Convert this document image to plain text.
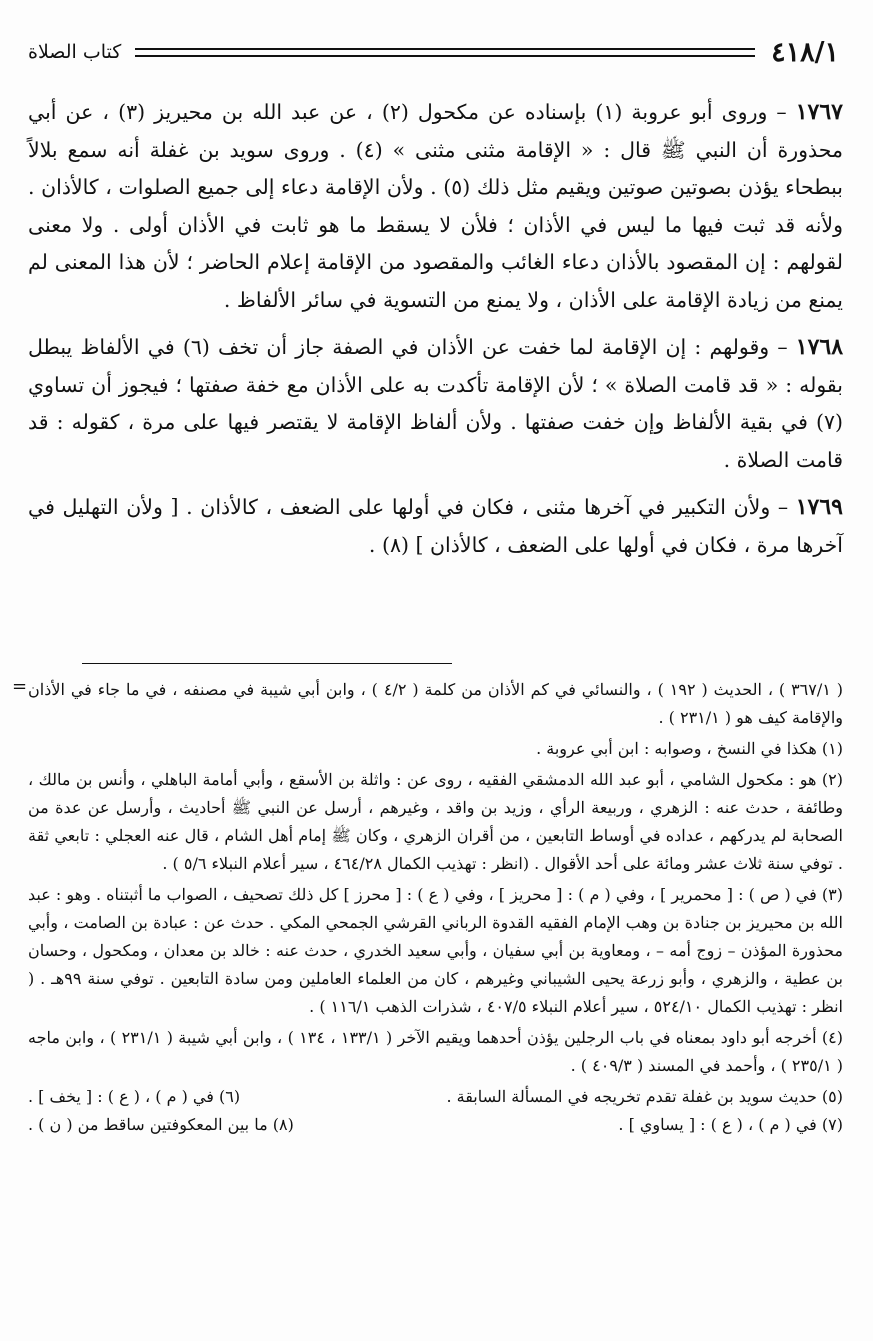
٤١٨/١
كتاب الصلاة

١٧٦٧ – وروى أبو عروبة (١) بإسناده عن مكحول (٢) ، عن عبد الله بن محيريز (٣) ، عن أبي محذورة أن النبي ﷺ قال : « الإقامة مثنى مثنى » (٤) . وروى سويد بن غفلة أنه سمع بلالاً ببطحاء يؤذن بصوتين صوتين ويقيم مثل ذلك (٥) . ولأن الإقامة دعاء إلى جميع الصلوات ، كالأذان . ولأنه قد ثبت فيها ما ليس في الأذان ؛ فلأن لا يسقط ما هو ثابت في الأذان أولى . ولا معنى لقولهم : إن المقصود بالأذان دعاء الغائب والمقصود من الإقامة إعلام الحاضر ؛ لأن هذا المعنى لم يمنع من زيادة الإقامة على الأذان ، ولا يمنع من التسوية في سائر الألفاظ .

١٧٦٨ – وقولهم : إن الإقامة لما خفت عن الأذان في الصفة جاز أن تخف (٦) في الألفاظ يبطل بقوله : « قد قامت الصلاة » ؛ لأن الإقامة تأكدت به على الأذان مع خفة صفتها ؛ فيجوز أن تساوي (٧) في بقية الألفاظ وإن خفت صفتها . ولأن ألفاظ الإقامة لا يقتصر فيها على مرة ، كقوله : قد قامت الصلاة .

١٧٦٩ – ولأن التكبير في آخرها مثنى ، فكان في أولها على الضعف ، كالأذان . [ ولأن التهليل في آخرها مرة ، فكان في أولها على الضعف ، كالأذان ] (٨) .

= ( ٣٦٧/١ ) ، الحديث ( ١٩٢ ) ، والنسائي في كم الأذان من كلمة ( ٤/٢ ) ، وابن أبي شيبة في مصنفه ، في ما جاء في الأذان والإقامة كيف هو ( ٢٣١/١ ) .

(١) هكذا في النسخ ، وصوابه : ابن أبي عروبة .

(٢) هو : مكحول الشامي ، أبو عبد الله الدمشقي الفقيه ، روى عن : واثلة بن الأسقع ، وأبي أمامة الباهلي ، وأنس بن مالك ، وطائفة ، حدث عنه : الزهري ، وربيعة الرأي ، وزيد بن واقد ، وغيرهم ، أرسل عن النبي ﷺ أحاديث ، وأرسل عن عدة من الصحابة لم يدركهم ، عداده في أوساط التابعين ، من أقران الزهري ، وكان ﷺ إمام أهل الشام ، قال عنه العجلي : تابعي ثقة . توفي سنة ثلاث عشر ومائة على أحد الأقوال . (انظر : تهذيب الكمال ٤٦٤/٢٨ ، سير أعلام النبلاء ٥/٦ ) .

(٣) في ( ص ) : [ محمرير ] ، وفي ( م ) : [ محريز ] ، وفي ( ع ) : [ محرز ] كل ذلك تصحيف ، الصواب ما أثبتناه . وهو : عبد الله بن محيريز بن جنادة بن وهب الإمام الفقيه القدوة الرباني القرشي الجمحي المكي . حدث عن : عبادة بن الصامت ، وأبي محذورة المؤذن – زوج أمه – ، ومعاوية بن أبي سفيان ، وأبي سعيد الخدري ، حدث عنه : خالد بن معدان ، ومكحول ، وحسان بن عطية ، والزهري ، وأبو زرعة يحيى الشيباني وغيرهم ، كان من العلماء العاملين ومن سادة التابعين . توفي سنة ٩٩هـ . ( انظر : تهذيب الكمال ٥٢٤/١٠ ، سير أعلام النبلاء ٤٠٧/٥ ، شذرات الذهب ١١٦/١ ) .

(٤) أخرجه أبو داود بمعناه في باب الرجلين يؤذن أحدهما ويقيم الآخر ( ١٣٣/١ ، ١٣٤ ) ، وابن أبي شيبة ( ٢٣١/١ ) ، وابن ماجه ( ٢٣٥/١ ) ، وأحمد في المسند ( ٤٠٩/٣ ) .

(٥) حديث سويد بن غفلة تقدم تخريجه في المسألة السابقة .
(٦) في ( م ) ، ( ع ) : [ يخف ] .
(٧) في ( م ) ، ( ع ) : [ يساوي ] .
(٨) ما بين المعكوفتين ساقط من ( ن ) .
